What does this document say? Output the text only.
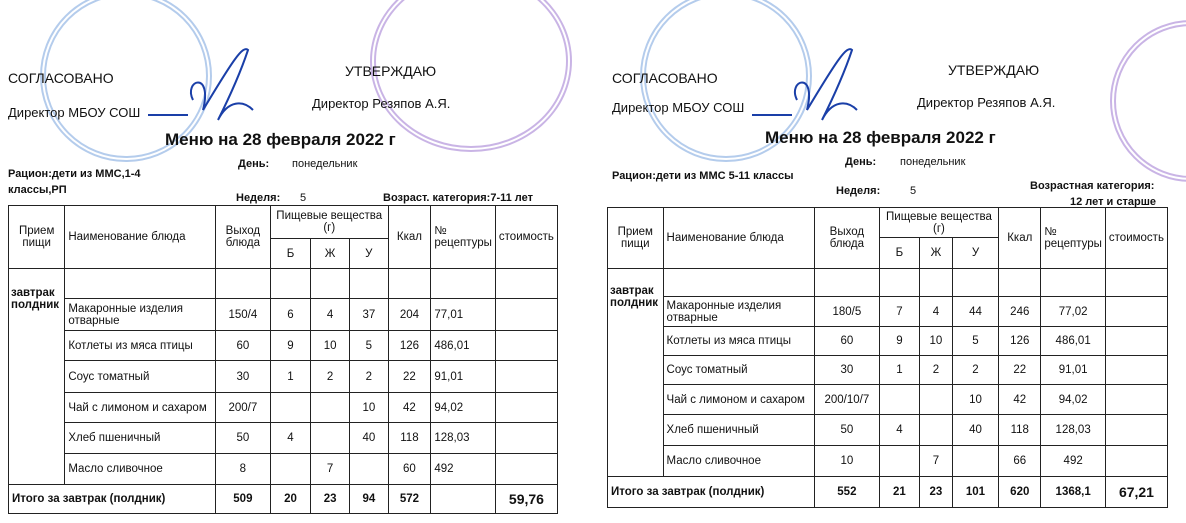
СОГЛАСОВАНО
Директор МБОУ СОШ
УТВЕРЖДАЮ
Директор Резяпов А.Я.
Меню на 28 февраля 2022 г
День: понедельник
Рацион:дети из ММС,1-4
классы,РП
Неделя: 5	Возраст. категория:7-11 лет
Прием пищи	Наименование блюда	Выход блюда	Пищевые вещества (г)			Ккал	№ рецептуры	стоимость
			Б	Ж	У			
завтрак								
полдник	Макаронные изделия отварные	150/4	6	4	37	204	77,01	
	Котлеты из мяса птицы	60	9	10	5	126	486,01	
	Соус томатный	30	1	2	2	22	91,01	
	Чай с лимоном и сахаром	200/7			10	42	94,02	
	Хлеб пшеничный	50	4		40	118	128,03	
	Масло сливочное	8		7		60	492	
Итого за завтрак (полдник)		509	20	23	94	572		59,76
СОГЛАСОВАНО
Директор МБОУ СОШ
УТВЕРЖДАЮ
Директор Резяпов А.Я.
Меню на 28 февраля 2022 г
День: понедельник
Рацион:дети из ММС 5-11 классы
Неделя:	5	Возрастная категория:
12 лет и старше
Прием пищи	Наименование блюда	Выход блюда	Пищевые вещества (г)			Ккал	№ рецептуры	стоимость
			Б	Ж	У			
завтрак								
полдник	Макаронные изделия отварные	180/5	7	4	44	246	77,02	
	Котлеты из мяса птицы	60	9	10	5	126	486,01	
	Соус томатный	30	1	2	2	22	91,01	
	Чай с лимоном и сахаром	200/10/7			10	42	94,02	
	Хлеб пшеничный	50	4		40	118	128,03	
	Масло сливочное	10		7		66	492	
Итого за завтрак (полдник)		552	21	23	101	620	1368,1	67,21
